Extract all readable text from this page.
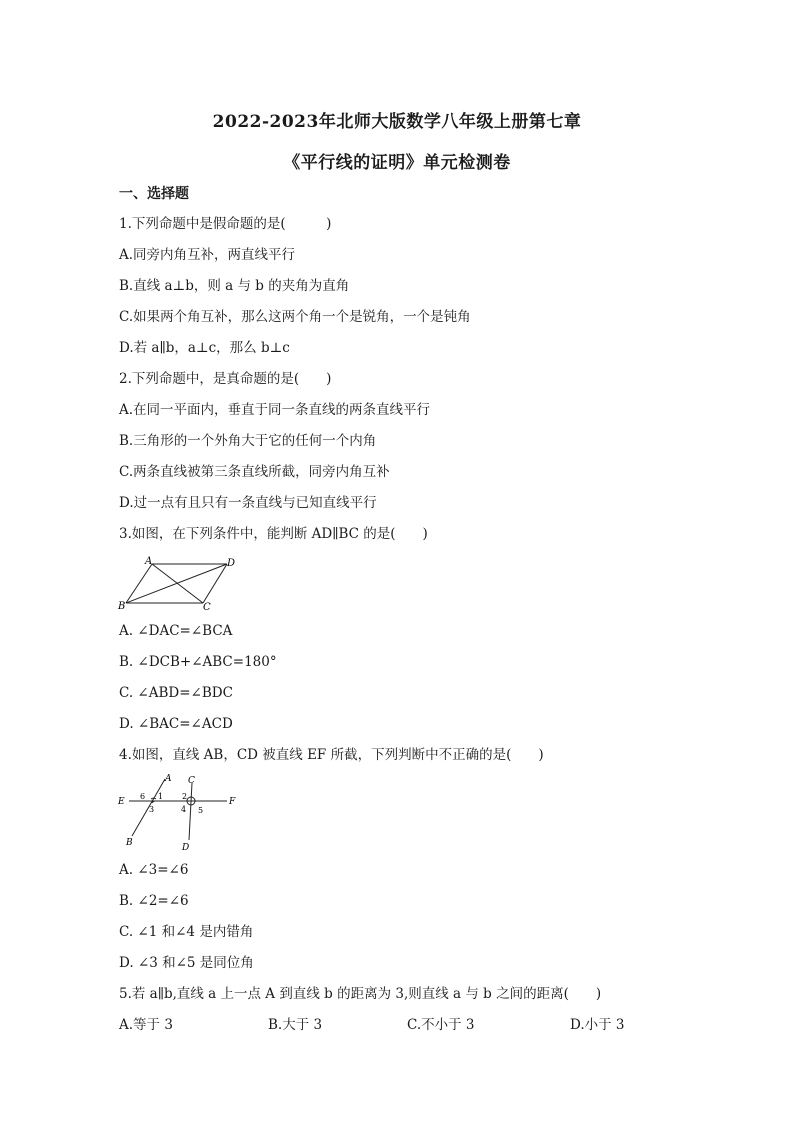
2022-2023年北师大版数学八年级上册第七章
《平行线的证明》单元检测卷
一、选择题
1.下列命题中是假命题的是(　　　)
A.同旁内角互补，两直线平行
B.直线 a⊥b，则 a 与 b 的夹角为直角
C.如果两个角互补，那么这两个角一个是锐角，一个是钝角
D.若 a∥b，a⊥c，那么 b⊥c
2.下列命题中，是真命题的是(　　)
A.在同一平面内，垂直于同一条直线的两条直线平行
B.三角形的一个外角大于它的任何一个内角
C.两条直线被第三条直线所截，同旁内角互补
D.过一点有且只有一条直线与已知直线平行
3.如图，在下列条件中，能判断 AD∥BC 的是(　　)
A	D
B	C
A. ∠DAC=∠BCA
B. ∠DCB+∠ABC=180°
C. ∠ABD=∠BDC
D. ∠BAC=∠ACD
4.如图，直线 AB，CD 被直线 EF 所截，下列判断中不正确的是(　　)
A C
E	F
B	D
1 2
3	4 5
6
A. ∠3=∠6
B. ∠2=∠6
C. ∠1 和∠4 是内错角
D. ∠3 和∠5 是同位角
5.若 a∥b,直线 a 上一点 A 到直线 b 的距离为 3,则直线 a 与 b 之间的距离(　　)
A.等于 3	B.大于 3	C.不小于 3	D.小于 3
